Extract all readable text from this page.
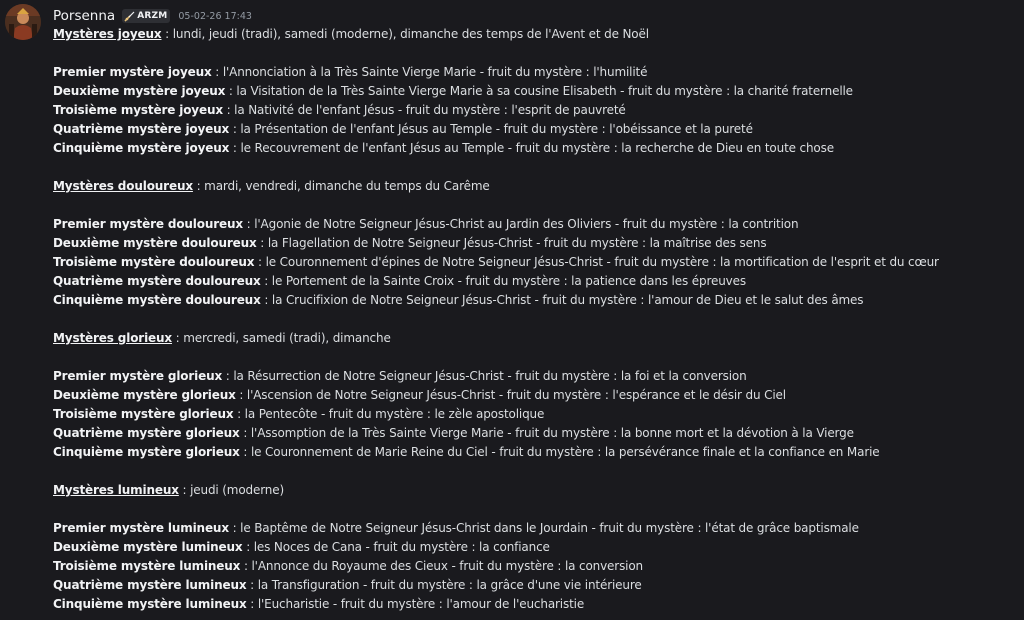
Porsenna ARZM 05-02-26 17:43
Mystères joyeux : lundi, jeudi (tradi), samedi (moderne), dimanche des temps de l'Avent et de Noël
Premier mystère joyeux : l'Annonciation à la Très Sainte Vierge Marie - fruit du mystère : l'humilité
Deuxième mystère joyeux : la Visitation de la Très Sainte Vierge Marie à sa cousine Elisabeth - fruit du mystère : la charité fraternelle
Troisième mystère joyeux : la Nativité de l'enfant Jésus - fruit du mystère : l'esprit de pauvreté
Quatrième mystère joyeux : la Présentation de l'enfant Jésus au Temple - fruit du mystère : l'obéissance et la pureté
Cinquième mystère joyeux : le Recouvrement de l'enfant Jésus au Temple - fruit du mystère : la recherche de Dieu en toute chose
Mystères douloureux : mardi, vendredi, dimanche du temps du Carême
Premier mystère douloureux : l'Agonie de Notre Seigneur Jésus-Christ au Jardin des Oliviers - fruit du mystère : la contrition
Deuxième mystère douloureux : la Flagellation de Notre Seigneur Jésus-Christ - fruit du mystère : la maîtrise des sens
Troisième mystère douloureux : le Couronnement d'épines de Notre Seigneur Jésus-Christ - fruit du mystère : la mortification de l'esprit et du cœur
Quatrième mystère douloureux : le Portement de la Sainte Croix - fruit du mystère : la patience dans les épreuves
Cinquième mystère douloureux : la Crucifixion de Notre Seigneur Jésus-Christ - fruit du mystère : l'amour de Dieu et le salut des âmes
Mystères glorieux : mercredi, samedi (tradi), dimanche
Premier mystère glorieux : la Résurrection de Notre Seigneur Jésus-Christ - fruit du mystère : la foi et la conversion
Deuxième mystère glorieux : l'Ascension de Notre Seigneur Jésus-Christ - fruit du mystère : l'espérance et le désir du Ciel
Troisième mystère glorieux : la Pentecôte - fruit du mystère : le zèle apostolique
Quatrième mystère glorieux : l'Assomption de la Très Sainte Vierge Marie - fruit du mystère : la bonne mort et la dévotion à la Vierge
Cinquième mystère glorieux : le Couronnement de Marie Reine du Ciel - fruit du mystère : la persévérance finale et la confiance en Marie
Mystères lumineux : jeudi (moderne)
Premier mystère lumineux : le Baptême de Notre Seigneur Jésus-Christ dans le Jourdain - fruit du mystère : l'état de grâce baptismale
Deuxième mystère lumineux : les Noces de Cana - fruit du mystère : la confiance
Troisième mystère lumineux : l'Annonce du Royaume des Cieux - fruit du mystère : la conversion
Quatrième mystère lumineux : la Transfiguration - fruit du mystère : la grâce d'une vie intérieure
Cinquième mystère lumineux : l'Eucharistie - fruit du mystère : l'amour de l'eucharistie
